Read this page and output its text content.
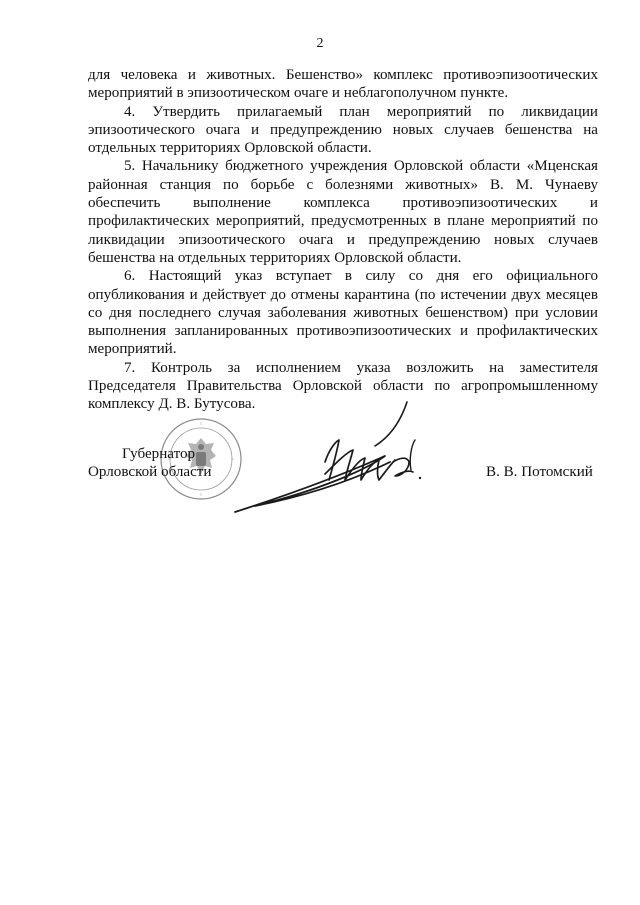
2

для человека и животных. Бешенство» комплекс противоэпизоотических мероприятий в эпизоотическом очаге и неблагополучном пункте.

4. Утвердить прилагаемый план мероприятий по ликвидации эпизоотического очага и предупреждению новых случаев бешенства на отдельных территориях Орловской области.

5. Начальнику бюджетного учреждения Орловской области «Мценская районная станция по борьбе с болезнями животных» В. М. Чунаеву обеспечить выполнение комплекса противоэпизоотических и профилактических мероприятий, предусмотренных в плане мероприятий по ликвидации эпизоотического очага и предупреждению новых случаев бешенства на отдельных территориях Орловской области.

6. Настоящий указ вступает в силу со дня его официального опубликования и действует до отмены карантина (по истечении двух месяцев со дня последнего случая заболевания животных бешенством) при условии выполнения запланированных противоэпизоотических и профилактических мероприятий.

7. Контроль за исполнением указа возложить на заместителя Председателя Правительства Орловской области по агропромышленному комплексу Д. В. Бутусова.

Губернатор
Орловской области	В. В. Потомский
